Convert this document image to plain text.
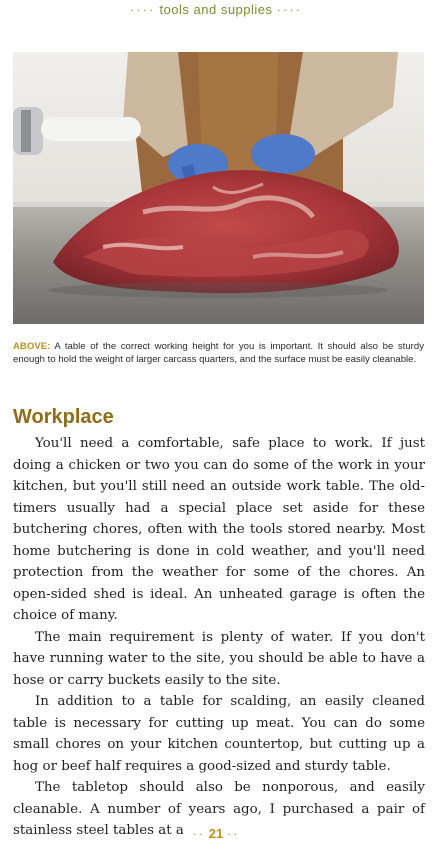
···· tools and supplies ····
ABOVE: A table of the correct working height for you is important. It should also be sturdy enough to hold the weight of larger carcass quarters, and the surface must be easily cleanable.
Workplace

You'll need a comfortable, safe place to work. If just doing a chicken or two you can do some of the work in your kitchen, but you'll still need an outside work table. The old-timers usually had a special place set aside for these butchering chores, often with the tools stored nearby. Most home butchering is done in cold weather, and you'll need protection from the weather for some of the chores. An open-sided shed is ideal. An unheated garage is often the choice of many.

The main requirement is plenty of water. If you don't have running water to the site, you should be able to have a hose or carry buckets easily to the site.

In addition to a table for scalding, an easily cleaned table is necessary for cutting up meat. You can do some small chores on your kitchen countertop, but cutting up a hog or beef half requires a good-sized and sturdy table.

The tabletop should also be nonporous, and easily cleanable. A number of years ago, I purchased a pair of stainless steel tables at a ·· 21 ··
